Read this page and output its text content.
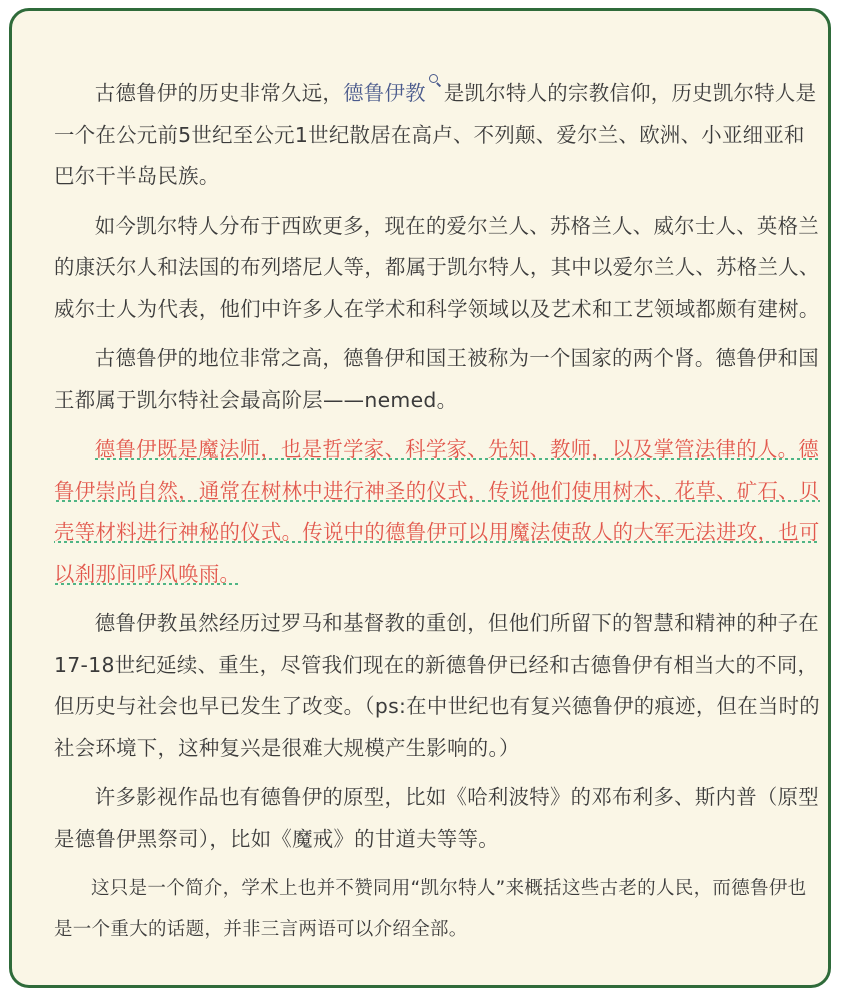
古德鲁伊的历史非常久远，德鲁伊教 是凯尔特人的宗教信仰，历史凯尔特人是一个在公元前5世纪至公元1世纪散居在高卢、不列颠、爱尔兰、欧洲、小亚细亚和巴尔干半岛民族。

如今凯尔特人分布于西欧更多，现在的爱尔兰人、苏格兰人、威尔士人、英格兰的康沃尔人和法国的布列塔尼人等，都属于凯尔特人，其中以爱尔兰人、苏格兰人、威尔士人为代表，他们中许多人在学术和科学领域以及艺术和工艺领域都颇有建树。

古德鲁伊的地位非常之高，德鲁伊和国王被称为一个国家的两个肾。德鲁伊和国王都属于凯尔特社会最高阶层——nemed。

德鲁伊既是魔法师，也是哲学家、科学家、先知、教师，以及掌管法律的人。德鲁伊崇尚自然，通常在树林中进行神圣的仪式，传说他们使用树木、花草、矿石、贝壳等材料进行神秘的仪式。传说中的德鲁伊可以用魔法使敌人的大军无法进攻，也可以刹那间呼风唤雨。

德鲁伊教虽然经历过罗马和基督教的重创，但他们所留下的智慧和精神的种子在17-18世纪延续、重生，尽管我们现在的新德鲁伊已经和古德鲁伊有相当大的不同，但历史与社会也早已发生了改变。（ps:在中世纪也有复兴德鲁伊的痕迹，但在当时的社会环境下，这种复兴是很难大规模产生影响的。）

许多影视作品也有德鲁伊的原型，比如《哈利波特》的邓布利多、斯内普（原型是德鲁伊黑祭司），比如《魔戒》的甘道夫等等。

这只是一个简介，学术上也并不赞同用“凯尔特人”来概括这些古老的人民，而德鲁伊也是一个重大的话题，并非三言两语可以介绍全部。
